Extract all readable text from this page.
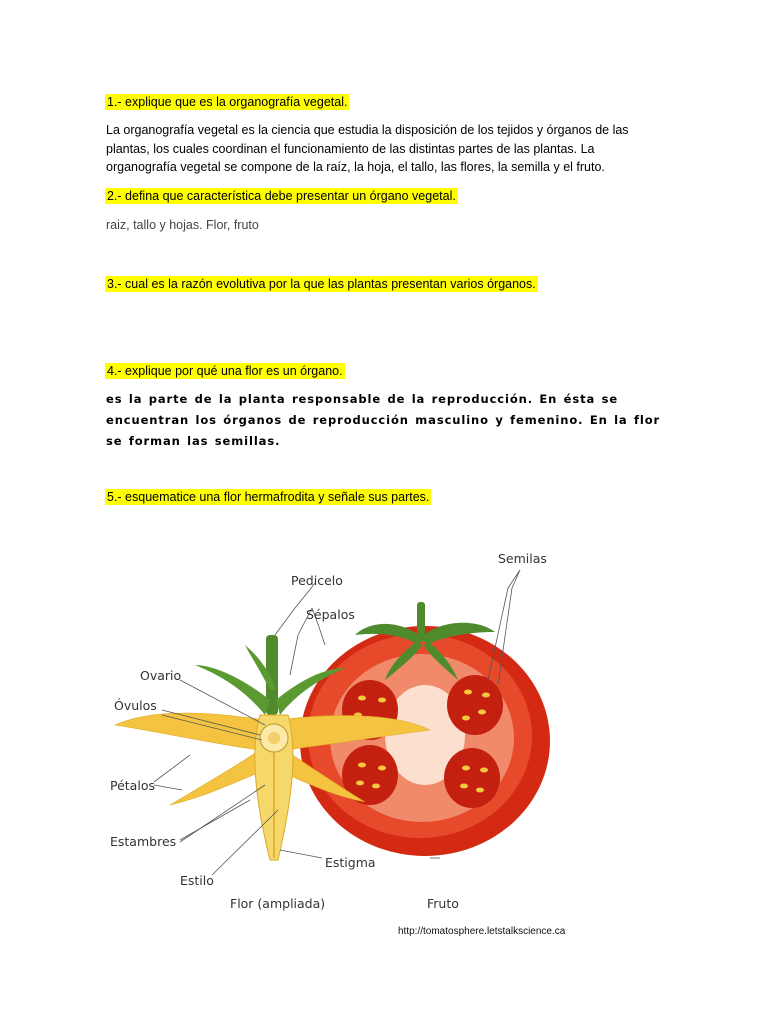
1.- explique que es la organografía vegetal.
La organografía vegetal es la ciencia que estudia la disposición de los tejidos y órganos de las plantas, los cuales coordinan el funcionamiento de las distintas partes de las plantas. La organografía vegetal se compone de la raíz, la hoja, el tallo, las flores, la semilla y el fruto.
2.- defina que característica debe presentar un órgano vegetal.
raiz, tallo y hojas. Flor, fruto
3.- cual es la razón evolutiva por la que las plantas presentan varios órganos.
4.- explique por qué una flor es un órgano.
es la parte de la planta responsable de la reproducción. En ésta se encuentran los órganos de reproducción masculino y femenino. En la flor se forman las semillas.
5.- esquematice una flor hermafrodita y señale sus partes.
Semilas
Pedicelo
Sépalos
Ovario
Óvulos
Pétalos
Estambres
Estigma
Estilo
Flor (ampliada)	Fruto
http://tomatosphere.letstalkscience.ca
